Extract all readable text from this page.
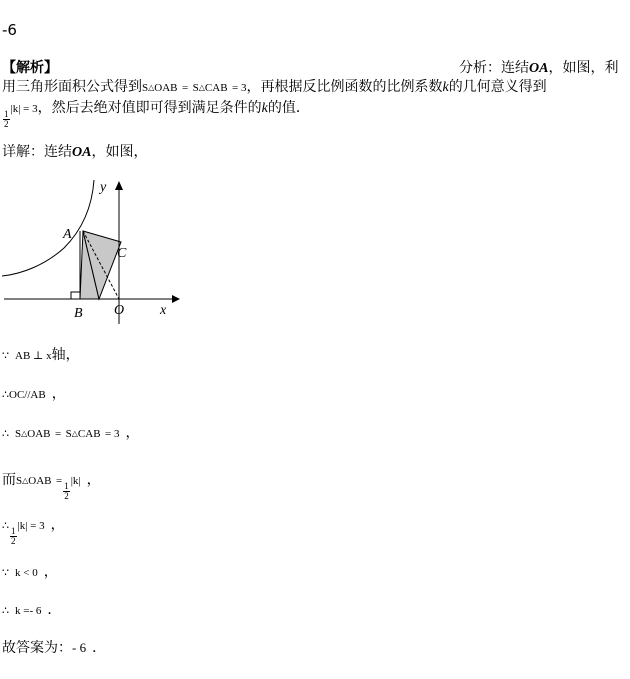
-6
【解析】	分析：连结OA，如图，利
用三角形面积公式得到S△OAB = S△CAB = 3，再根据反比例函数的比例系数k的几何意义得到
$\frac{1}{2}$
|k| = 3，然后去绝对值即可得到满足条件的k的值．
详解：连结OA，如图，
y
A
C
B O	x
∵ AB ⊥ x轴，
∴OC//AB ，
∴ S△OAB = S△CAB = 3 ，
而S△OAB =
$\frac{1}{2}$
|k| ，
∴
$\frac{1}{2}$
|k| = 3 ，
∵ k < 0 ，
∴ k =- 6 ．
故答案为：- 6 ．
